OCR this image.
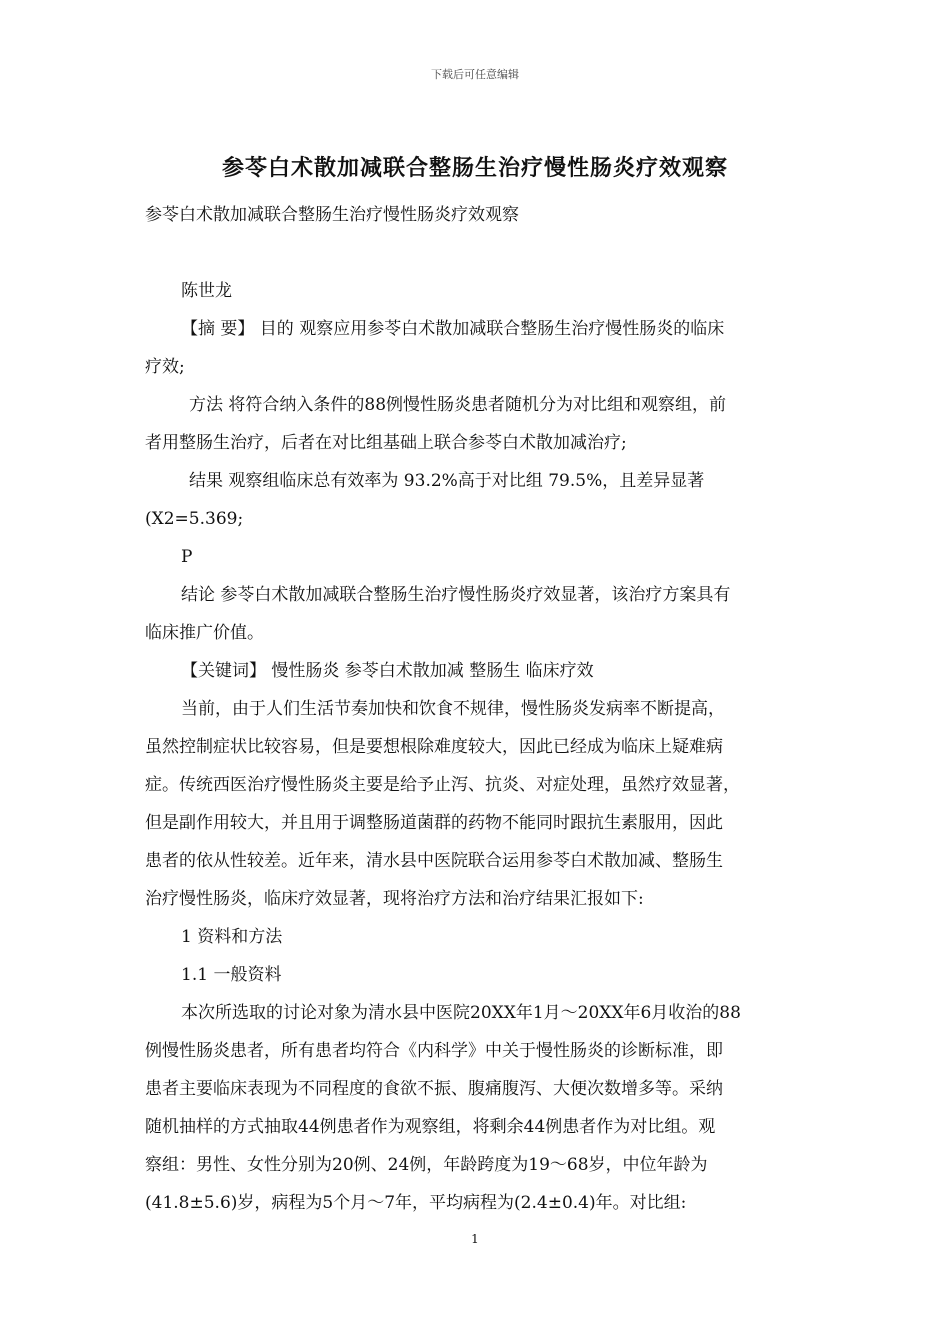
下载后可任意编辑
参苓白术散加减联合整肠生治疗慢性肠炎疗效观察

参苓白术散加减联合整肠生治疗慢性肠炎疗效观察

陈世龙

【摘 要】 目的 观察应用参苓白术散加减联合整肠生治疗慢性肠炎的临床

疗效;

方法 将符合纳入条件的88例慢性肠炎患者随机分为对比组和观察组，前

者用整肠生治疗，后者在对比组基础上联合参苓白术散加减治疗;

结果 观察组临床总有效率为 93.2%高于对比组 79.5%，且差异显著

(X2=5.369;

P

结论 参苓白术散加减联合整肠生治疗慢性肠炎疗效显著，该治疗方案具有

临床推广价值。

【关键词】 慢性肠炎 参苓白术散加减 整肠生 临床疗效

当前，由于人们生活节奏加快和饮食不规律，慢性肠炎发病率不断提高，

虽然控制症状比较容易，但是要想根除难度较大，因此已经成为临床上疑难病

症。传统西医治疗慢性肠炎主要是给予止泻、抗炎、对症处理，虽然疗效显著，

但是副作用较大，并且用于调整肠道菌群的药物不能同时跟抗生素服用，因此

患者的依从性较差。近年来，清水县中医院联合运用参苓白术散加减、整肠生

治疗慢性肠炎，临床疗效显著，现将治疗方法和治疗结果汇报如下:

1 资料和方法

1.1 一般资料

本次所选取的讨论对象为清水县中医院20XX年1月～20XX年6月收治的88

例慢性肠炎患者，所有患者均符合《内科学》中关于慢性肠炎的诊断标准，即

患者主要临床表现为不同程度的食欲不振、腹痛腹泻、大便次数增多等。采纳

随机抽样的方式抽取44例患者作为观察组，将剩余44例患者作为对比组。观

察组：男性、女性分别为20例、24例，年龄跨度为19～68岁，中位年龄为

(41.8±5.6)岁，病程为5个月～7年，平均病程为(2.4±0.4)年。对比组:

1
